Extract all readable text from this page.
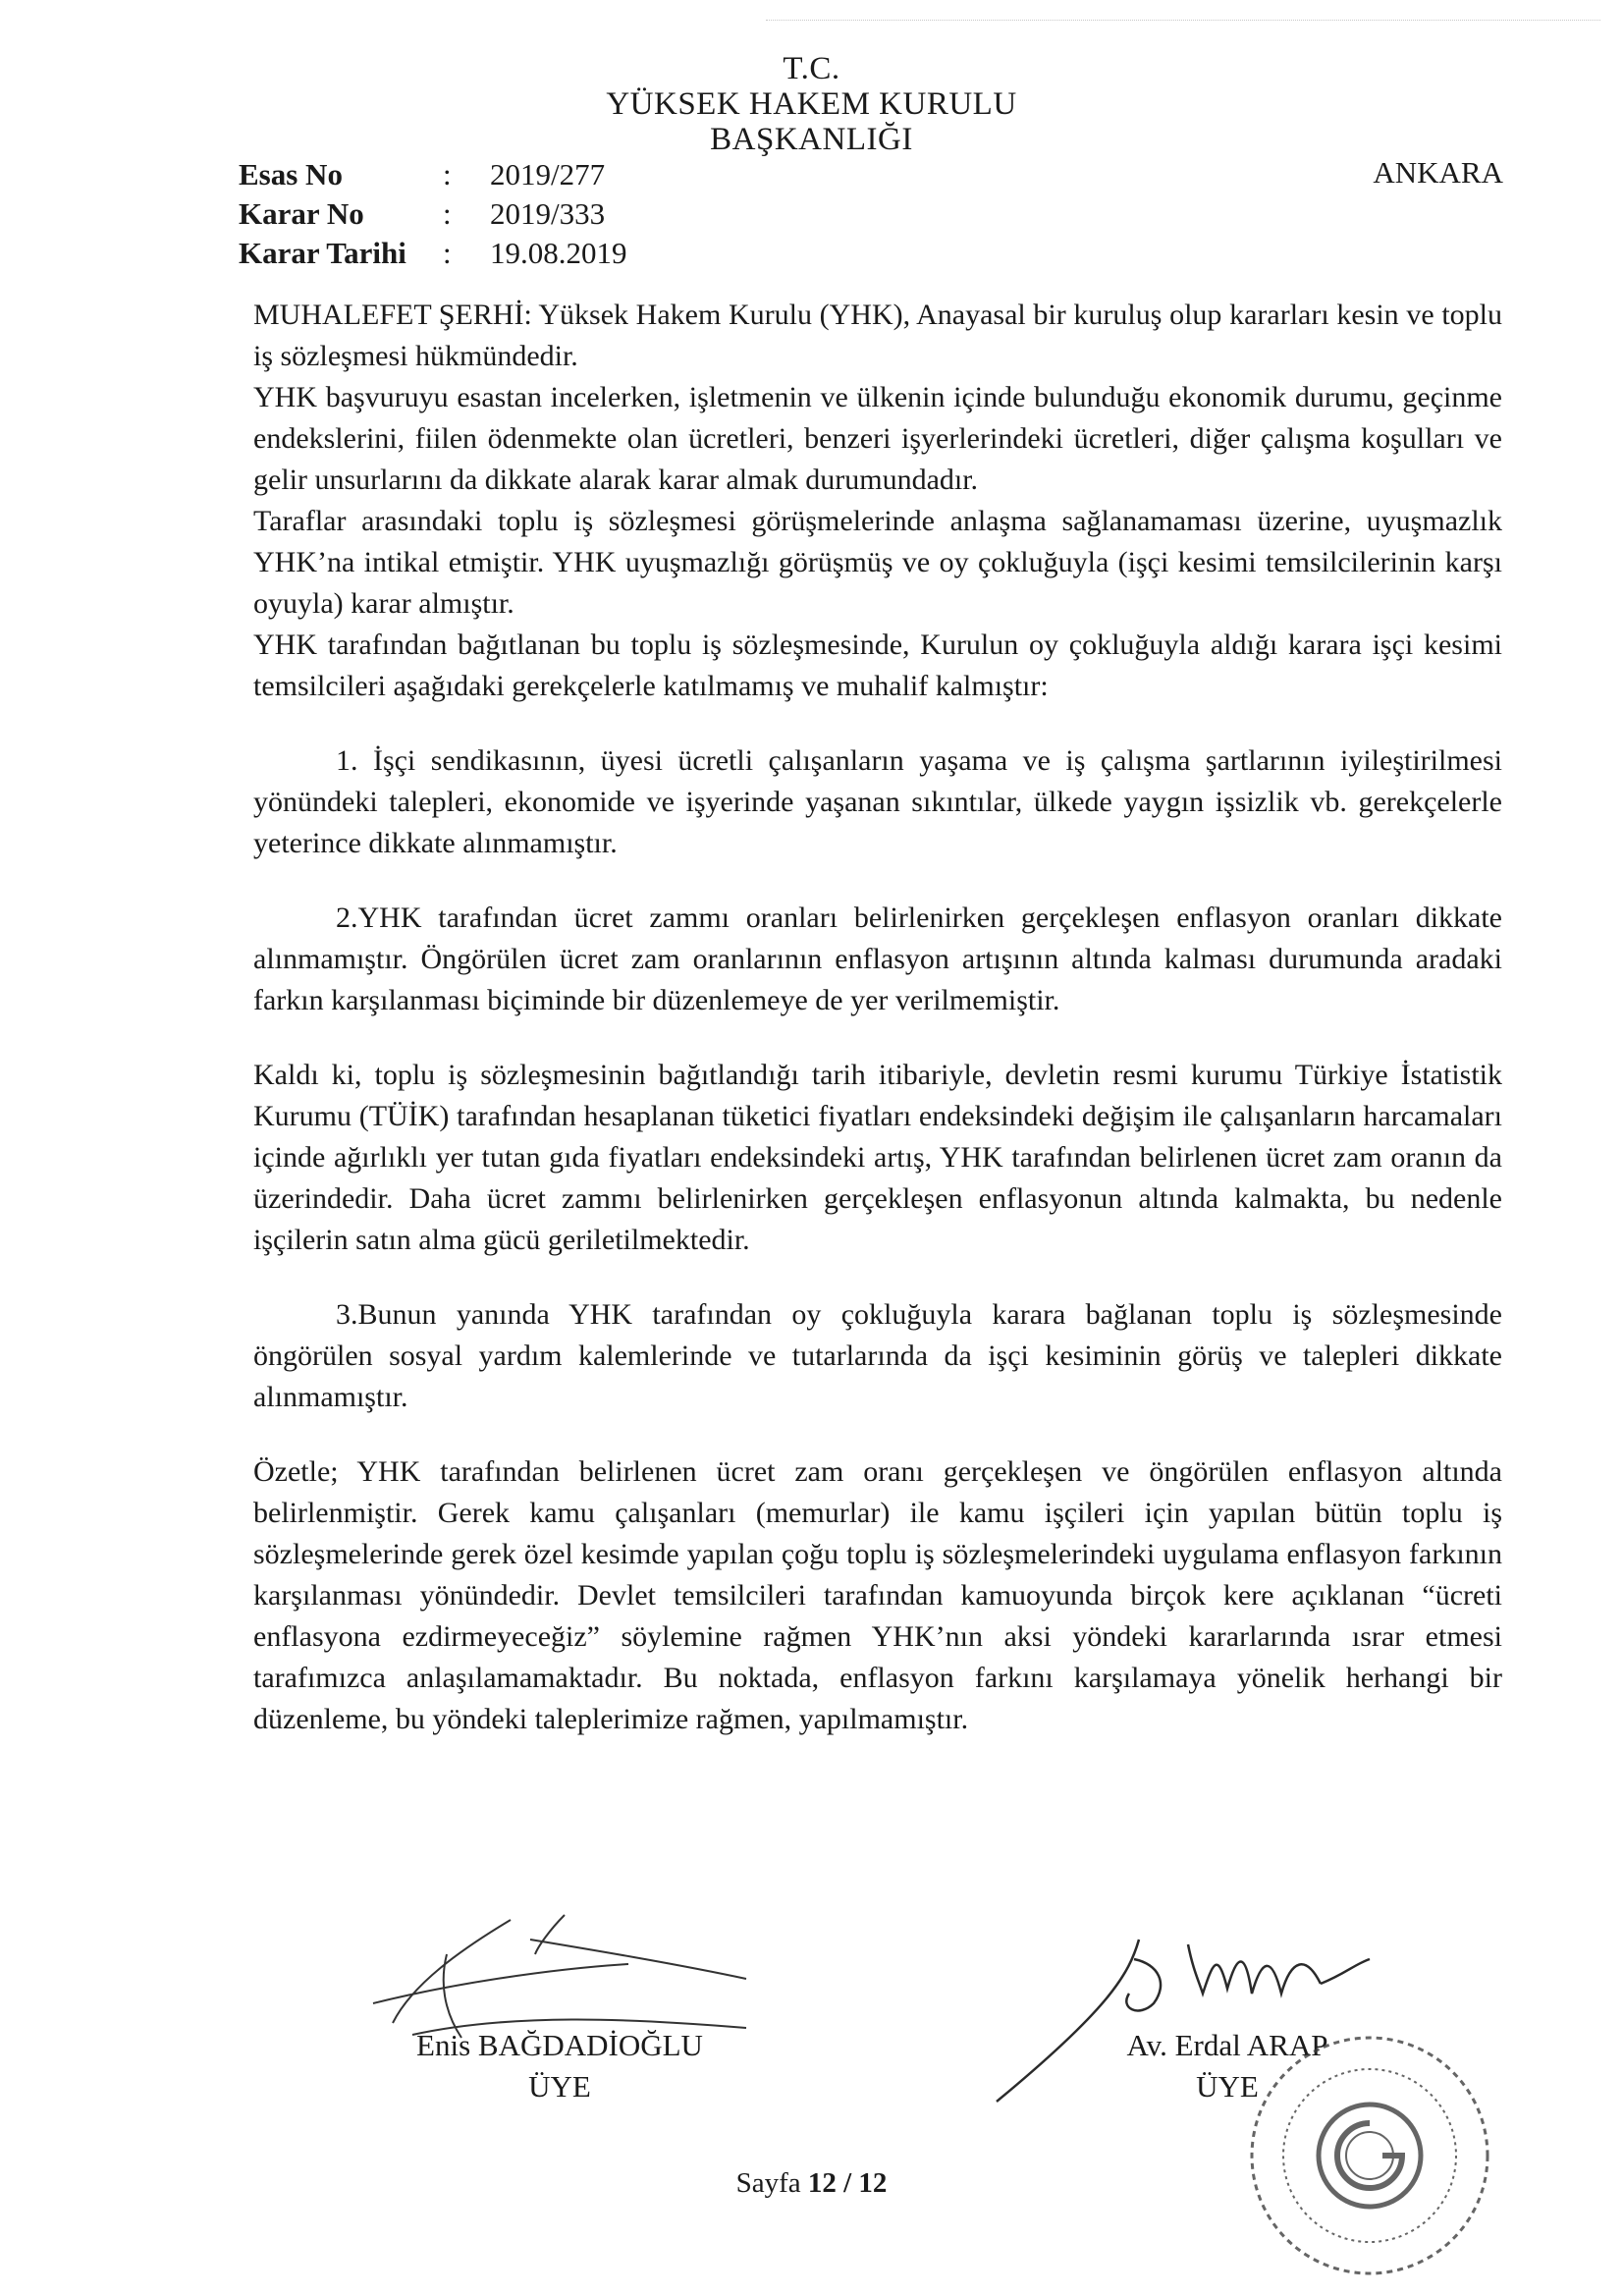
T.C.
YÜKSEK HAKEM KURULU
BAŞKANLIĞI
Esas No	:	2019/277
Karar No	:	2019/333
Karar Tarihi	:	19.08.2019
ANKARA

MUHALEFET ŞERHİ: Yüksek Hakem Kurulu (YHK), Anayasal bir kuruluş olup kararları kesin ve toplu iş sözleşmesi hükmündedir.

YHK başvuruyu esastan incelerken, işletmenin ve ülkenin içinde bulunduğu ekonomik durumu, geçinme endekslerini, fiilen ödenmekte olan ücretleri, benzeri işyerlerindeki ücretleri, diğer çalışma koşulları ve gelir unsurlarını da dikkate alarak karar almak durumundadır.

Taraflar arasındaki toplu iş sözleşmesi görüşmelerinde anlaşma sağlanamaması üzerine, uyuşmazlık YHK’na intikal etmiştir. YHK uyuşmazlığı görüşmüş ve oy çokluğuyla (işçi kesimi temsilcilerinin karşı oyuyla) karar almıştır.

YHK tarafından bağıtlanan bu toplu iş sözleşmesinde, Kurulun oy çokluğuyla aldığı karara işçi kesimi temsilcileri aşağıdaki gerekçelerle katılmamış ve muhalif kalmıştır:

1. İşçi sendikasının, üyesi ücretli çalışanların yaşama ve iş çalışma şartlarının iyileştirilmesi yönündeki talepleri, ekonomide ve işyerinde yaşanan sıkıntılar, ülkede yaygın işsizlik vb. gerekçelerle yeterince dikkate alınmamıştır.

2.YHK tarafından ücret zammı oranları belirlenirken gerçekleşen enflasyon oranları dikkate alınmamıştır. Öngörülen ücret zam oranlarının enflasyon artışının altında kalması durumunda aradaki farkın karşılanması biçiminde bir düzenlemeye de yer verilmemiştir.

Kaldı ki, toplu iş sözleşmesinin bağıtlandığı tarih itibariyle, devletin resmi kurumu Türkiye İstatistik Kurumu (TÜİK) tarafından hesaplanan tüketici fiyatları endeksindeki değişim ile çalışanların harcamaları içinde ağırlıklı yer tutan gıda fiyatları endeksindeki artış, YHK tarafından belirlenen ücret zam oranın da üzerindedir. Daha ücret zammı belirlenirken gerçekleşen enflasyonun altında kalmakta, bu nedenle işçilerin satın alma gücü geriletilmektedir.

3.Bunun yanında YHK tarafından oy çokluğuyla karara bağlanan toplu iş sözleşmesinde öngörülen sosyal yardım kalemlerinde ve tutarlarında da işçi kesiminin görüş ve talepleri dikkate alınmamıştır.

Özetle; YHK tarafından belirlenen ücret zam oranı gerçekleşen ve öngörülen enflasyon altında belirlenmiştir. Gerek kamu çalışanları (memurlar) ile kamu işçileri için yapılan bütün toplu iş sözleşmelerinde gerek özel kesimde yapılan çoğu toplu iş sözleşmelerindeki uygulama enflasyon farkının karşılanması yönündedir. Devlet temsilcileri tarafından kamuoyunda birçok kere açıklanan “ücreti enflasyona ezdirmeyeceğiz” söylemine rağmen YHK’nın aksi yöndeki kararlarında ısrar etmesi tarafımızca anlaşılamamaktadır. Bu noktada, enflasyon farkını karşılamaya yönelik herhangi bir düzenleme, bu yöndeki taleplerimize rağmen, yapılmamıştır.

Enis BAĞDADİOĞLU
ÜYE
Av. Erdal ARAP
ÜYE
Sayfa 12 / 12
